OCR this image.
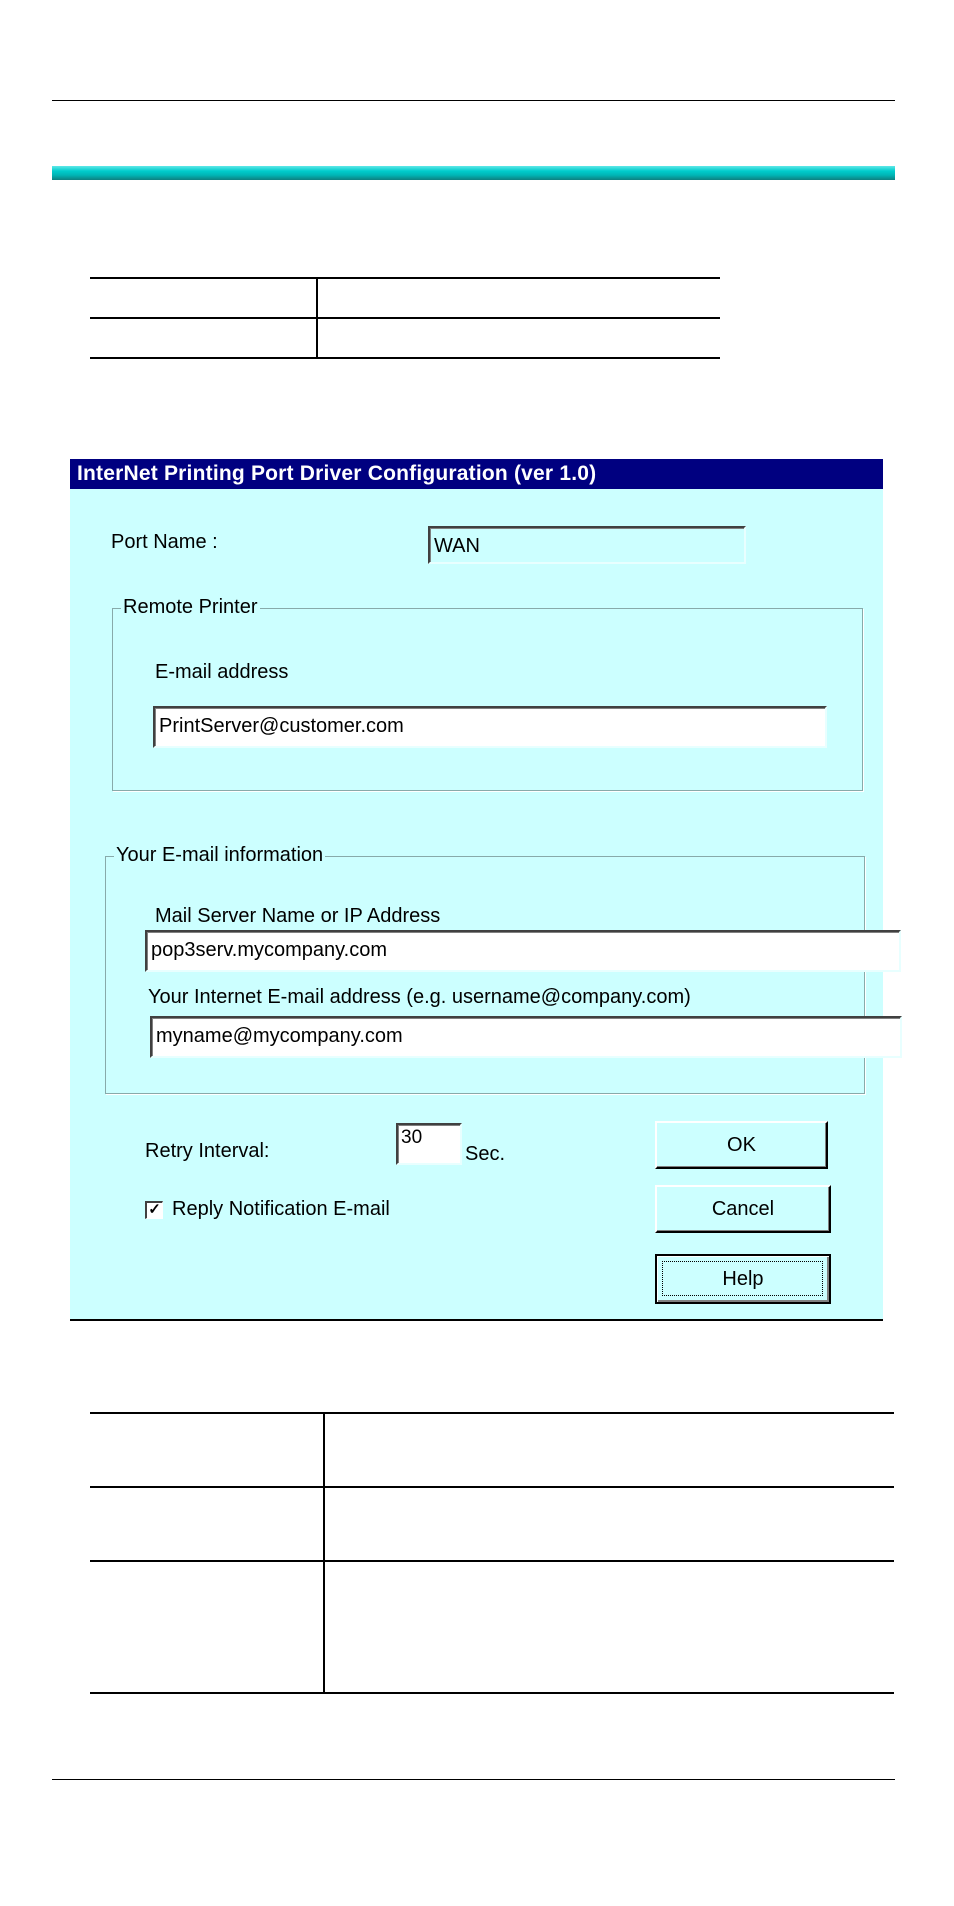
InterNet Printing Port Driver Configuration (ver 1.0)
Port Name :	WAN
Remote Printer
E-mail address
PrintServer@customer.com
Your E-mail information
Mail Server Name or IP Address
pop3serv.mycompany.com
Your Internet E-mail address (e.g. username@company.com)
myname@mycompany.com
Retry Interval:
30
Sec.
✓ Reply Notification E-mail
OK
Cancel
Help
